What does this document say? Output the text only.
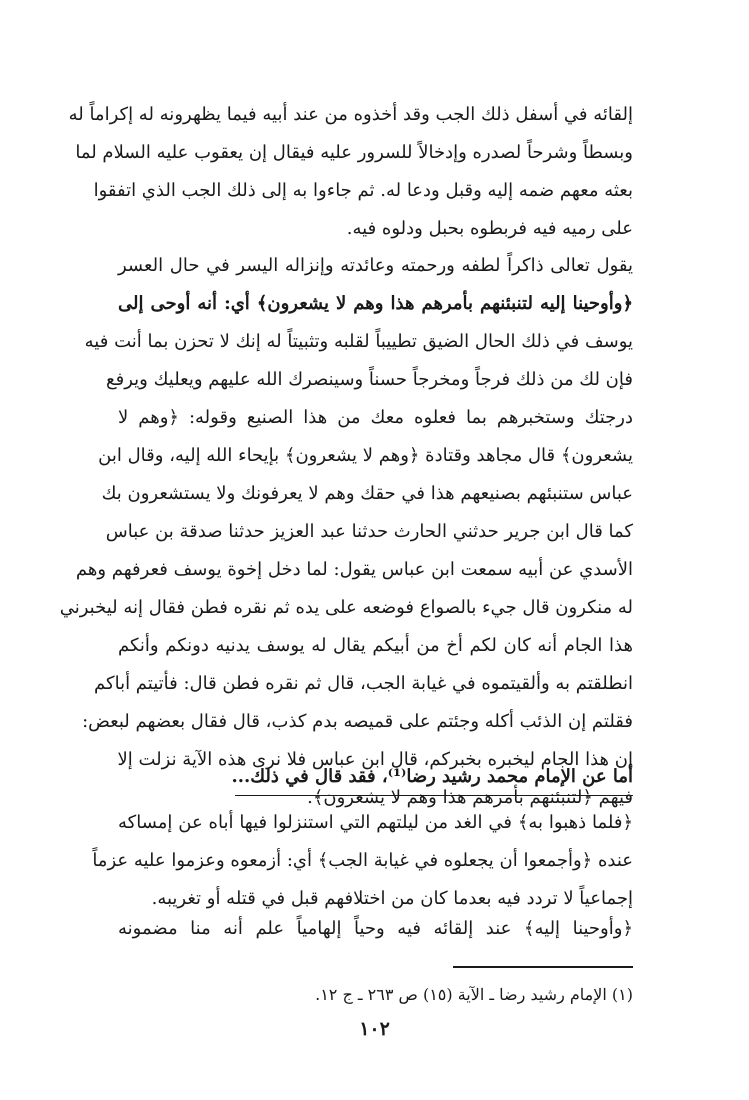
إلقائه في أسفل ذلك الجب وقد أخذوه من عند أبيه فيما يظهرونه له إكراماً له
وبسطاً وشرحاً لصدره وإدخالاً للسرور عليه فيقال إن يعقوب عليه السلام لما
بعثه معهم ضمه إليه وقبل ودعا له. ثم جاءوا به إلى ذلك الجب الذي اتفقوا
على رميه فيه فربطوه بحبل ودلوه فيه.
يقول تعالى ذاكراً لطفه ورحمته وعائدته وإنزاله اليسر في حال العسر
﴿وأوحينا إليه لتنبئنهم بأمرهم هذا وهم لا يشعرون﴾ أي: أنه أوحى إلى
يوسف في ذلك الحال الضيق تطييباً لقلبه وتثبيتاً له إنك لا تحزن بما أنت فيه
فإن لك من ذلك فرجاً ومخرجاً حسناً وسينصرك الله عليهم ويعليك ويرفع
درجتك وستخبرهم بما فعلوه معك من هذا الصنيع وقوله: ﴿وهم لا
يشعرون﴾ قال مجاهد وقتادة ﴿وهم لا يشعرون﴾ بإيحاء الله إليه، وقال ابن
عباس ستنبئهم بصنيعهم هذا في حقك وهم لا يعرفونك ولا يستشعرون بك
كما قال ابن جرير حدثني الحارث حدثنا عبد العزيز حدثنا صدقة بن عباس
الأسدي عن أبيه سمعت ابن عباس يقول: لما دخل إخوة يوسف فعرفهم وهم
له منكرون قال جيء بالصواع فوضعه على يده ثم نقره فطن فقال إنه ليخبرني
هذا الجام أنه كان لكم أخ من أبيكم يقال له يوسف يدنيه دونكم وأنكم
انطلقتم به وألقيتموه في غيابة الجب، قال ثم نقره فطن قال: فأتيتم أباكم
فقلتم إن الذئب أكله وجئتم على قميصه بدم كذب، قال فقال بعضهم لبعض:
إن هذا الجام ليخبره بخبركم، قال ابن عباس فلا نرى هذه الآية نزلت إلا
فيهم ﴿لتنبئنهم بأمرهم هذا وهم لا يشعرون﴾.
أما عن الإمام محمد رشيد رضا⁽¹⁾، فقد قال في ذلك...
﴿فلما ذهبوا به﴾ في الغد من ليلتهم التي استنزلوا فيها أباه عن إمساكه
عنده ﴿وأجمعوا أن يجعلوه في غيابة الجب﴾ أي: أزمعوه وعزموا عليه عزماً
إجماعياً لا تردد فيه بعدما كان من اختلافهم قبل في قتله أو تغريبه.
﴿وأوحينا إليه﴾ عند إلقائه فيه وحياً إلهامياً علم أنه منا مضمونه
(١) الإمام رشيد رضا ـ الآية (١٥) ص ٢٦٣ ـ ج ١٢.
١٠٢
